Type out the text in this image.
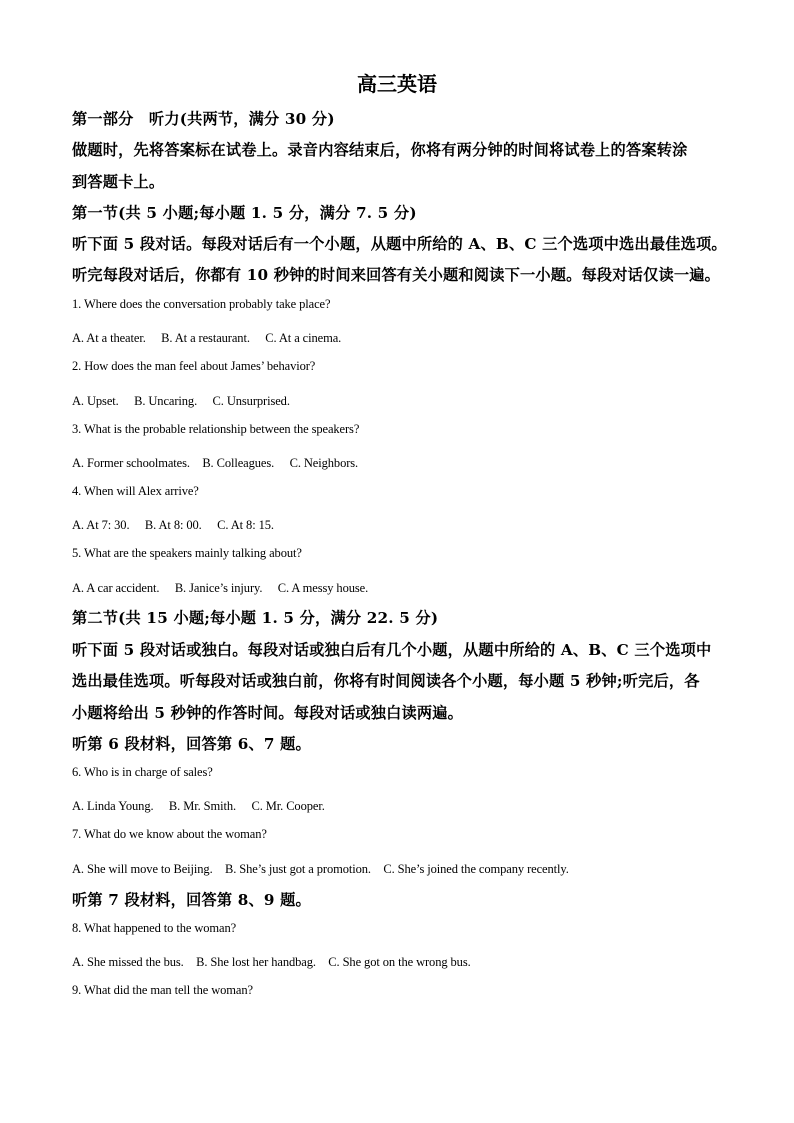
高三英语
第一部分　听力(共两节，满分 30 分)
做题时，先将答案标在试卷上。录音内容结束后，你将有两分钟的时间将试卷上的答案转涂
到答题卡上。
第一节(共 5 小题;每小题 1. 5 分，满分 7. 5 分)
听下面 5 段对话。每段对话后有一个小题，从题中所给的 A、B、C 三个选项中选出最佳选项。
听完每段对话后，你都有 10 秒钟的时间来回答有关小题和阅读下一小题。每段对话仅读一遍。
1. Where does the conversation probably take place?
A. At a theater.　 B. At a restaurant.　 C. At a cinema.
2. How does the man feel about James’ behavior?
A. Upset.　 B. Uncaring.　 C. Unsurprised.
3. What is the probable relationship between the speakers?
A. Former schoolmates.　B. Colleagues.　 C. Neighbors.
4. When will Alex arrive?
A. At 7: 30.　 B. At 8: 00.　 C. At 8: 15.
5. What are the speakers mainly talking about?
A. A car accident.　 B. Janice’s injury.　 C. A messy house.
第二节(共 15 小题;每小题 1. 5 分，满分 22. 5 分)
听下面 5 段对话或独白。每段对话或独白后有几个小题，从题中所给的 A、B、C 三个选项中
选出最佳选项。听每段对话或独白前，你将有时间阅读各个小题，每小题 5 秒钟;听完后，各
小题将给出 5 秒钟的作答时间。每段对话或独白读两遍。
听第 6 段材料，回答第 6、7 题。
6. Who is in charge of sales?
A. Linda Young.　 B. Mr. Smith.　 C. Mr. Cooper.
7. What do we know about the woman?
A. She will move to Beijing.　B. She’s just got a promotion.　C. She’s joined the company recently.
听第 7 段材料，回答第 8、9 题。
8. What happened to the woman?
A. She missed the bus.　B. She lost her handbag.　C. She got on the wrong bus.
9. What did the man tell the woman?
